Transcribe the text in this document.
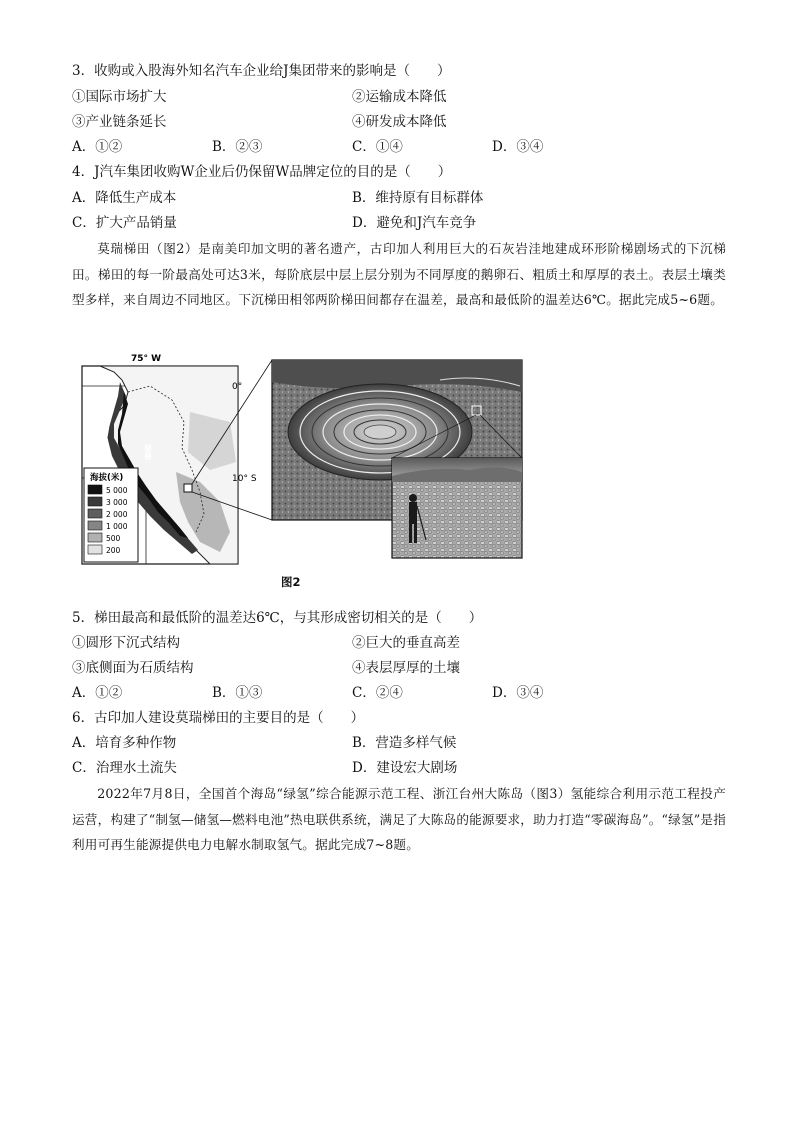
3．收购或入股海外知名汽车企业给J集团带来的影响是（　　）
①国际市场扩大	②运输成本降低
③产业链条延长	④研发成本降低
A．①②	B．②③	C．①④	D．③④
4．J汽车集团收购W企业后仍保留W品牌定位的目的是（　　）
A．降低生产成本	B．维持原有目标群体
C．扩大产品销量	D．避免和J汽车竞争
莫瑞梯田（图2）是南美印加文明的著名遗产，古印加人利用巨大的石灰岩洼地建成环形阶梯剧场式的下沉梯田。梯田的每一阶最高处可达3米，每阶底层中层上层分别为不同厚度的鹅卵石、粗质土和厚厚的表土。表层土壤类型多样，来自周边不同地区。下沉梯田相邻两阶梯田间都存在温差，最高和最低阶的温差达6℃。据此完成5~6题。
75° W
0°
10° S
秘鲁
海拔(米)
5 000
3 000
2 000
1 000
500
200
图2
5．梯田最高和最低阶的温差达6℃，与其形成密切相关的是（　　）
①圆形下沉式结构	②巨大的垂直高差
③底侧面为石质结构	④表层厚厚的土壤
A．①②	B．①③	C．②④	D．③④
6．古印加人建设莫瑞梯田的主要目的是（　　）
A．培育多种作物	B．营造多样气候
C．治理水土流失	D．建设宏大剧场
2022年7月8日，全国首个海岛“绿氢”综合能源示范工程、浙江台州大陈岛（图3）氢能综合利用示范工程投产运营，构建了“制氢—储氢—燃料电池”热电联供系统，满足了大陈岛的能源要求，助力打造“零碳海岛”。“绿氢”是指利用可再生能源提供电力电解水制取氢气。据此完成7~8题。
